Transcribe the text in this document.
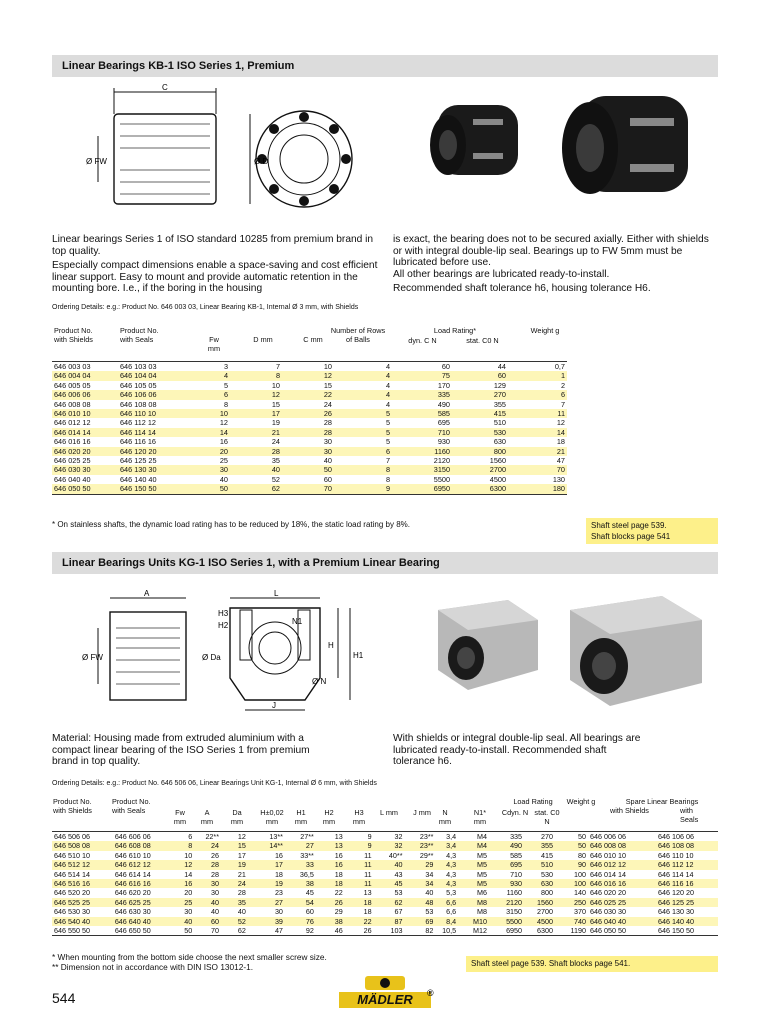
Linear Bearings KB-1 ISO Series 1, Premium
C
Ø FW	Ø D

Linear bearings Series 1 of ISO standard 10285 from premium brand in top quality.

Especially compact dimensions enable a space-saving and cost efficient linear support. Easy to mount and provide automatic retention in the mounting bore. I.e., if the boring in the housing

is exact, the bearing does not to be secured axially. Either with shields or with integral double-lip seal. Bearings up to FW 5mm must be lubricated before use.

All other bearings are lubricated ready-to-install.

Recommended shaft tolerance h6, housing tolerance H6.

Ordering Details: e.g.: Product No. 646 003 03, Linear Bearing KB-1, Internal Ø 3 mm, with Shields
Product No. with Shields
Product No. with Seals	Fw mm
D mm	C mm
Number of Rows of Balls
Load Rating*
dyn. C N	stat. C0 N
Weight g
646 003 03	646 103 03	3	7	10	4	60	44	0,7
646 004 04	646 104 04	4	8	12	4	75	60	1
646 005 05	646 105 05	5	10	15	4	170	129	2
646 006 06	646 106 06	6	12	22	4	335	270	6
646 008 08	646 108 08	8	15	24	4	490	355	7
646 010 10	646 110 10	10	17	26	5	585	415	11
646 012 12	646 112 12	12	19	28	5	695	510	12
646 014 14	646 114 14	14	21	28	5	710	530	14
646 016 16	646 116 16	16	24	30	5	930	630	18
646 020 20	646 120 20	20	28	30	6	1160	800	21
646 025 25	646 125 25	25	35	40	7	2120	1560	47
646 030 30	646 130 30	30	40	50	8	3150	2700	70
646 040 40	646 140 40	40	52	60	8	5500	4500	130
646 050 50	646 150 50	50	62	70	9	6950	6300	180
* On stainless shafts, the dynamic load rating has to be reduced by 18%, the static load rating by 8%.	Shaft steel page 539.
Shaft blocks page 541
Linear Bearings Units KG-1 ISO Series 1, with a Premium Linear Bearing
A	L
Ø FW	Ø Da
H
H1
H2
H3
N1
Ø N
J
Material: Housing made from extruded aluminium with a compact linear bearing of the ISO Series 1 from premium brand in top quality.
With shields or integral double-lip seal. All bearings are lubricated ready-to-install. Recommended shaft tolerance h6.
Ordering Details: e.g.: Product No. 646 506 06, Linear Bearings Unit KG-1, Internal Ø 6 mm, with Shields
Product No. with Shields
Product No. with Seals	Fw mm
A mm
Da mm
H±0,02 mm
H1 mm
H2 mm
H3 mm
L mm J mm	N mm
N1* mm
Load Rating
Cdyn. N stat. C0 N
Weight g	Spare Linear Bearings
with Shields	with Seals
646 506 06	646 606 06	6	22**	12	13**	27**	13	9	32	23**	3,4	M4	335	270	50	646 006 06	646 106 06
646 508 08	646 608 08	8	24	15	14**	27	13	9	32	23**	3,4	M4	490	355	50	646 008 08	646 108 08
646 510 10	646 610 10	10	26	17	16	33**	16	11	40**	29**	4,3	M5	585	415	80	646 010 10	646 110 10
646 512 12	646 612 12	12	28	19	17	33	16	11	40	29	4,3	M5	695	510	90	646 012 12	646 112 12
646 514 14	646 614 14	14	28	21	18	36,5	18	11	43	34	4,3	M5	710	530	100	646 014 14	646 114 14
646 516 16	646 616 16	16	30	24	19	38	18	11	45	34	4,3	M5	930	630	100	646 016 16	646 116 16
646 520 20	646 620 20	20	30	28	23	45	22	13	53	40	5,3	M6	1160	800	140	646 020 20	646 120 20
646 525 25	646 625 25	25	40	35	27	54	26	18	62	48	6,6	M8	2120	1560	250	646 025 25	646 125 25
646 530 30	646 630 30	30	40	40	30	60	29	18	67	53	6,6	M8	3150	2700	370	646 030 30	646 130 30
646 540 40	646 640 40	40	60	52	39	76	38	22	87	69	8,4	M10	5500	4500	740	646 040 40	646 140 40
646 550 50	646 650 50	50	70	62	47	92	46	26	103	82	10,5	M12	6950	6300	1190	646 050 50	646 150 50
* When mounting from the bottom side choose the next smaller screw size.
** Dimension not in accordance with DIN ISO 13012-1.	Shaft steel page 539. Shaft blocks page 541.
544	MÄDLER	®
